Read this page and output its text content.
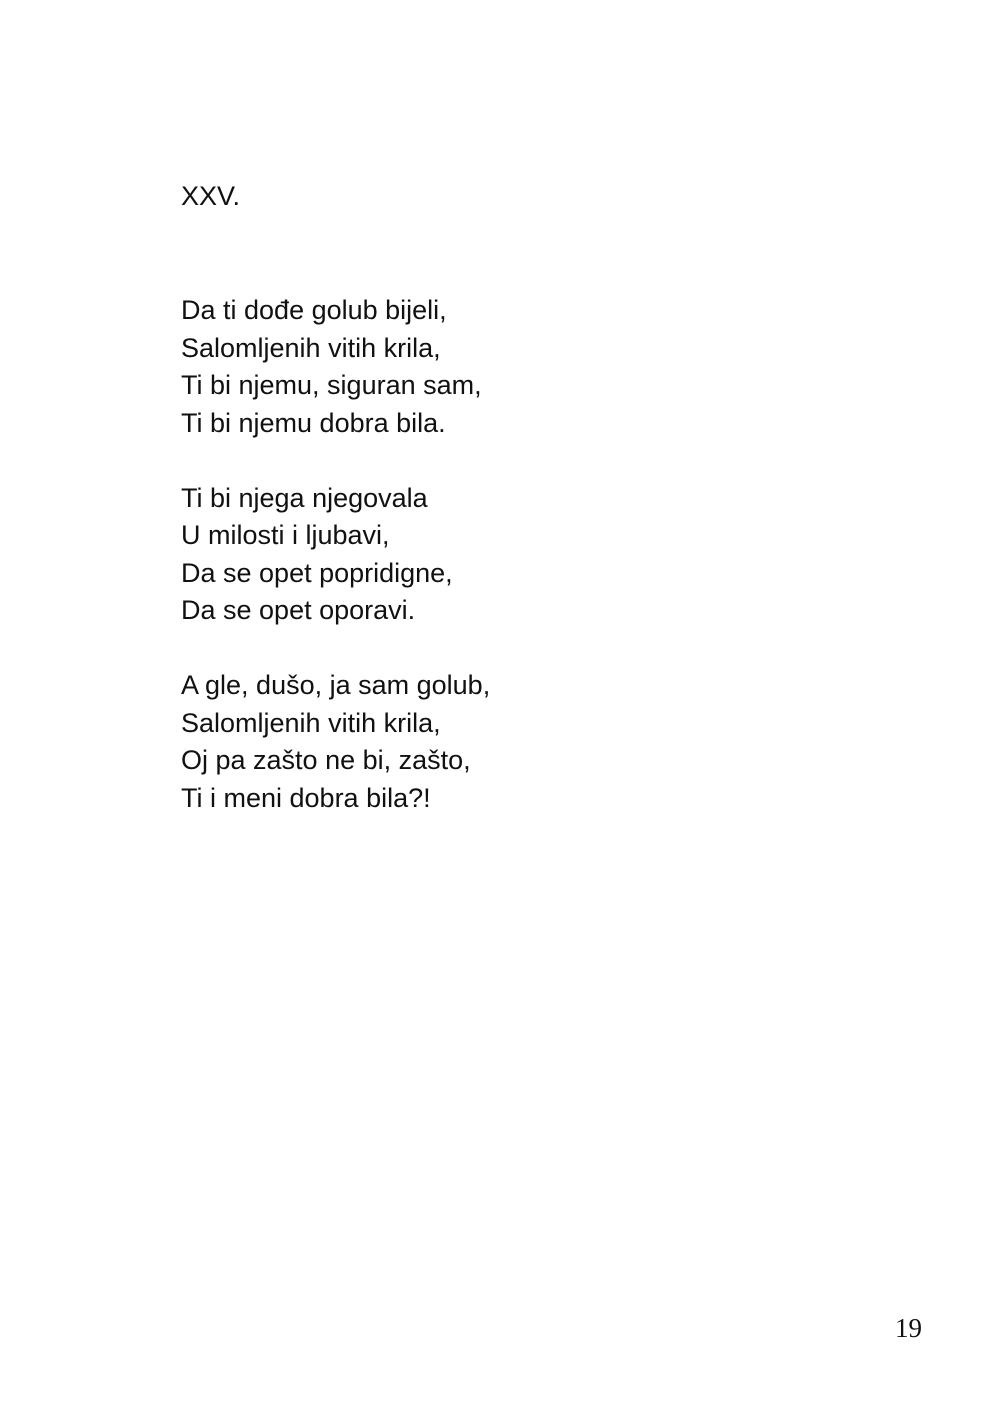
XXV.
Da ti dođe golub bijeli,
Salomljenih vitih krila,
Ti bi njemu, siguran sam,
Ti bi njemu dobra bila.
Ti bi njega njegovala
U milosti i ljubavi,
Da se opet popridigne,
Da se opet oporavi.
A gle, dušo, ja sam golub,
Salomljenih vitih krila,
Oj pa zašto ne bi, zašto,
Ti i meni dobra bila?!
19
